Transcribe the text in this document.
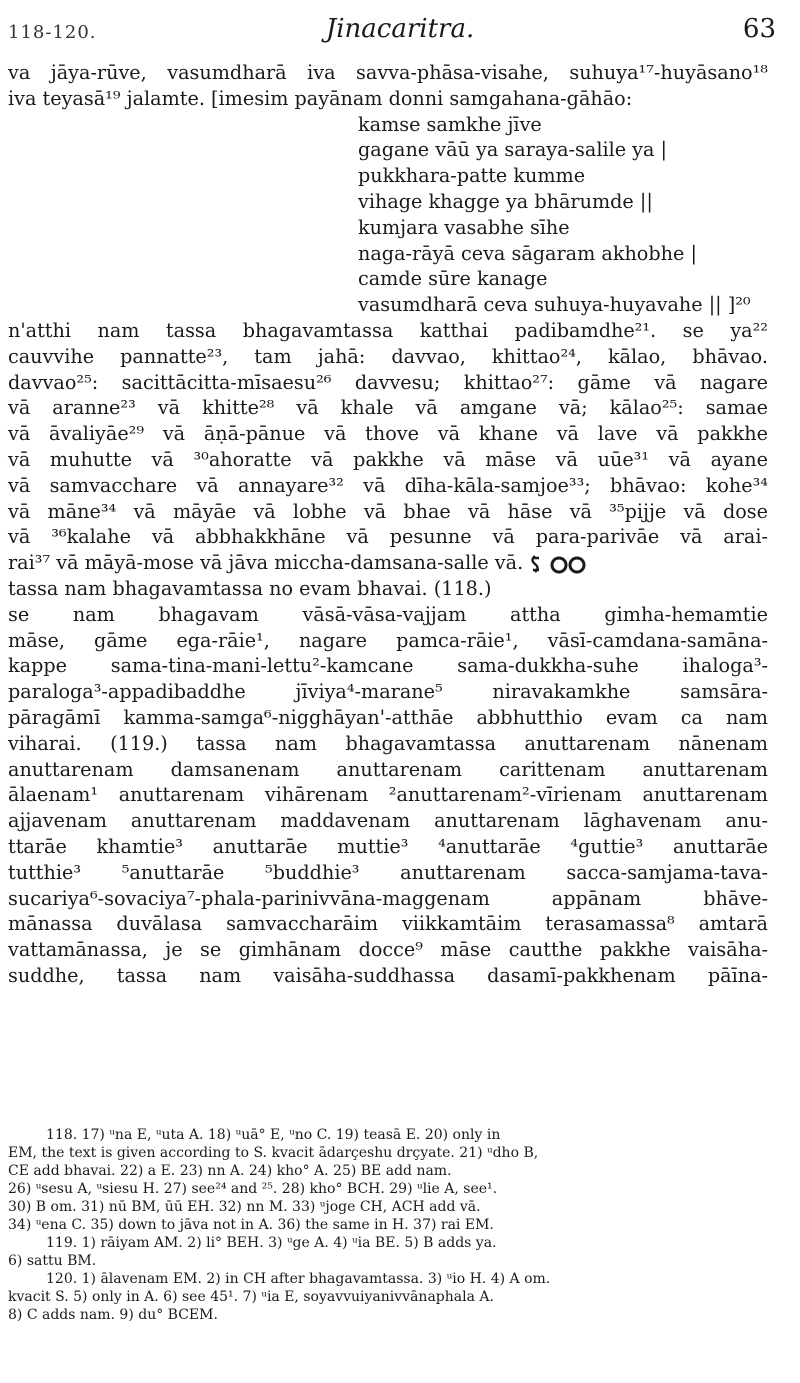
118-120.	Jinacaritra.	63
va jāya-rūve, vasumdharā iva savva-phāsa-visahe, suhuya¹⁷-huyāsano¹⁸
iva teyasā¹⁹ jalamte. [imesim payānam donni samgahana-gāhāo:
kamse samkhe jīve
gagane vāū ya saraya-salile ya |
pukkhara-patte kumme
vihage khagge ya bhārumde ||
kumjara vasabhe sīhe
naga-rāyā ceva sāgaram akhobhe |
camde sūre kanage
vasumdharā ceva suhuya-huyavahe || ]²⁰
n'atthi nam tassa bhagavamtassa katthai padibamdhe²¹. se ya²²
cauvvihe pannatte²³, tam jahā: davvao, khittao²⁴, kālao, bhāvao.
davvao²⁵: sacittācitta-mīsaesu²⁶ davvesu; khittao²⁷: gāme vā nagare
vā aranne²³ vā khitte²⁸ vā khale vā amgane vā; kālao²⁵: samae
vā āvaliyāe²⁹ vā āṇā-pānue vā thove vā khane vā lave vā pakkhe
vā muhutte vā ³⁰ahoratte vā pakkhe vā māse vā uūe³¹ vā ayane
vā samvacchare vā annayare³² vā dīha-kāla-samjoe³³; bhāvao: kohe³⁴
vā māne³⁴ vā māyāe vā lobhe vā bhae vā hāse vā ³⁵pijje vā dose
vā ³⁶kalahe vā abbhakkhāne vā pesunne vā para-parivāe vā arai-
rai³⁷ vā māyā-mose vā jāva miccha-damsana-salle vā.
tassa nam bhagavamtassa no evam bhavai. (118.)
se nam bhagavam vāsā-vāsa-vajjam attha gimha-hemamtie
māse, gāme ega-rāie¹, nagare pamca-rāie¹, vāsī-camdana-samāna-
kappe sama-tina-mani-lettu²-kamcane sama-dukkha-suhe ihaloga³-
paraloga³-appadibaddhe jīviya⁴-marane⁵ niravakamkhe samsāra-
pāragāmī kamma-samga⁶-nigghāyan'-atthāe abbhutthio evam ca nam
viharai. (119.) tassa nam bhagavamtassa anuttarenam nānenam
anuttarenam damsanenam anuttarenam carittenam anuttarenam
ālaenam¹ anuttarenam vihārenam ²anuttarenam²-vīrienam anuttarenam
ajjavenam anuttarenam maddavenam anuttarenam lāghavenam anu-
ttarāe khamtie³ anuttarāe muttie³ ⁴anuttarāe ⁴guttie³ anuttarāe
tutthie³ ⁵anuttarāe ⁵buddhie³ anuttarenam sacca-samjama-tava-
sucariya⁶-sovaciya⁷-phala-parinivvāna-maggenam appānam bhāve-
mānassa duvālasa samvaccharāim viikkamtāim terasamassa⁸ amtarā
vattamānassa, je se gimhānam docce⁹ māse cautthe pakkhe vaisāha-
suddhe, tassa nam vaisāha-suddhassa dasamī-pakkhenam pāīna-
118. 17) ᵘna E, ᵘuta A. 18) ᵘuā° E, ᵘno C. 19) teasā E. 20) only in
EM, the text is given according to S. kvacit ādarçeshu drçyate. 21) ᵘdho B,
CE add bhavai. 22) a E. 23) nn A. 24) kho° A. 25) BE add nam.
26) ᵘsesu A, ᵘsiesu H. 27) see²⁴ and ²⁵. 28) kho° BCH. 29) ᵘlie A, see¹.
30) B om. 31) nū BM, ūū EH. 32) nn M. 33) ᵘjoge CH, ACH add vā.
34) ᵘena C. 35) down to jāva not in A. 36) the same in H. 37) rai EM.
119. 1) rāiyam AM. 2) li° BEH. 3) ᵘge A. 4) ᵘia BE. 5) B adds ya.
6) sattu BM.
120. 1) ālavenam EM. 2) in CH after bhagavamtassa. 3) ᵘio H. 4) A om.
kvacit S. 5) only in A. 6) see 45¹. 7) ᵘia E, soyavvuiyanivvānaphala A.
8) C adds nam. 9) du° BCEM.
